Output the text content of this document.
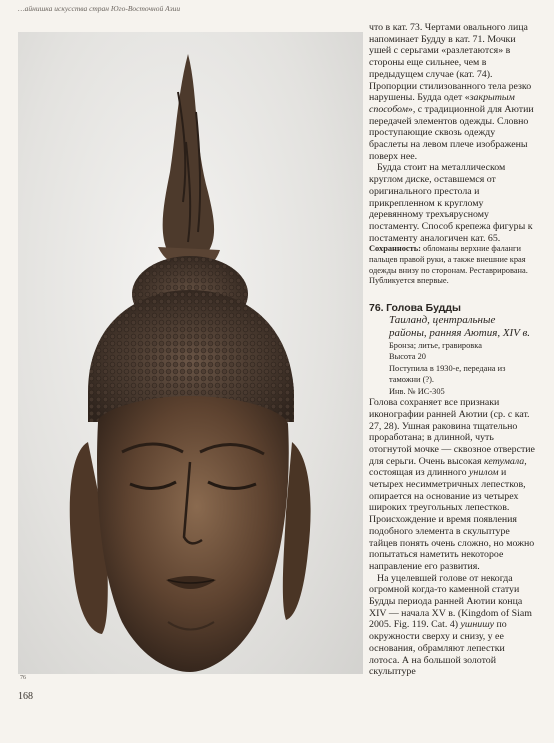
…айнишка искусства стран Юго-Восточной Азии
76
168

что в кат. 73. Чертами овального лица напоминает Будду в кат. 71. Мочки ушей с серьгами «разлетаются» в стороны еще сильнее, чем в предыдущем случае (кат. 74). Пропорции стилизованного тела резко нарушены. Будда одет «закрытым способом», с традиционной для Аютии передачей элементов одежды. Словно проступающие сквозь одежду браслеты на левом плече изображены поверх нее.

Будда стоит на металлическом круглом диске, оставшемся от оригинального престола и прикрепленном к круглому деревянному трехъярусному постаменту. Способ крепежа фигуры к постаменту аналогичен кат. 65.

Сохранность: обломаны верхние фаланги пальцев правой руки, а также внешние края одежды внизу по сторонам. Реставрирована.

Публикуется впервые.

76. Голова Будды

Таиланд, центральные районы, ранняя Аютия, XIV в.

Бронза; литье, гравировка

Высота 20

Поступила в 1930-е, передана из таможни (?).

Инв. № ИС-305

Голова сохраняет все признаки иконографии ранней Аютии (ср. с кат. 27, 28). Ушная раковина тщательно проработана; в длинной, чуть отогнутой мочке — сквозное отверстие для серьги. Очень высокая кетумала, состоящая из длинного унилом и четырех несимметричных лепестков, опирается на основание из четырех широких треугольных лепестков. Происхождение и время появления подобного элемента в скульптуре тайцев понять очень сложно, но можно попытаться наметить некоторое направление его развития.

На уцелевшей голове от некогда огромной когда-то каменной статуи Будды периода ранней Аютии конца XIV — начала XV в. (Kingdom of Siam 2005. Fig. 119. Cat. 4) ушнишу по окружности сверху и снизу, у ее основания, обрамляют лепестки лотоса. А на большой золотой скульптуре
